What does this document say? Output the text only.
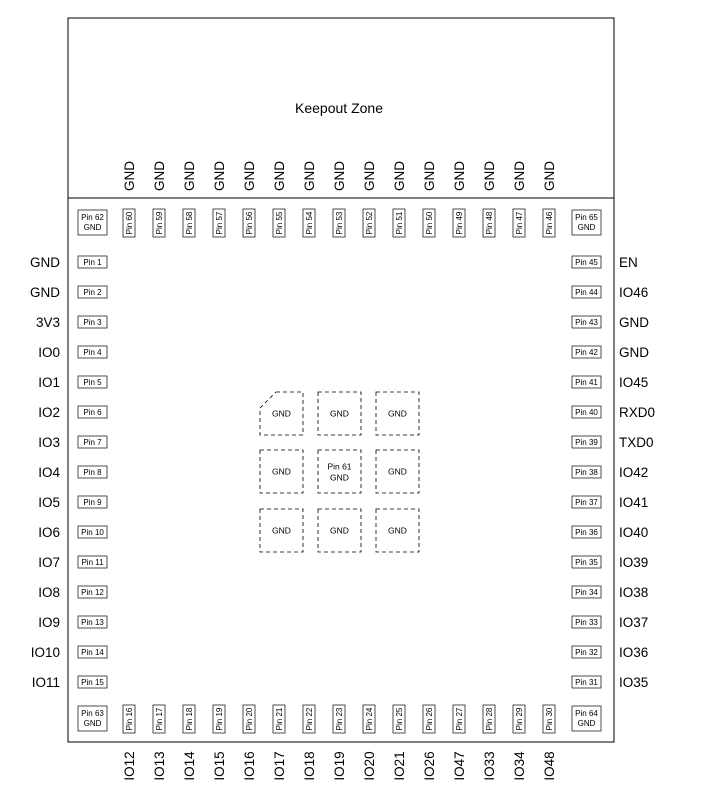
Keepout Zone
Pin 60
GND
Pin 59
GND
Pin 58
GND
Pin 57
GND
Pin 56
GND
Pin 55
GND
Pin 54
GND
Pin 53
GND
Pin 52
GND
Pin 51
GND
Pin 50
GND
Pin 49
GND
Pin 48
GND
Pin 47
GND
Pin 46
GND
Pin 16
IO12
Pin 17
IO13
Pin 18
IO14
Pin 19
IO15
Pin 20
IO16
Pin 21
IO17
Pin 22
IO18
Pin 23
IO19
Pin 24
IO20
Pin 25
IO21
Pin 26
IO26
Pin 27
IO47
Pin 28
IO33
Pin 29
IO34
Pin 30
IO48
Pin 1
GND
Pin 2
GND
Pin 3
3V3
Pin 4
IO0
Pin 5
IO1
Pin 6
IO2
Pin 7
IO3
Pin 8
IO4
Pin 9
IO5
Pin 10
IO6
Pin 11
IO7
Pin 12
IO8
Pin 13
IO9
Pin 14
IO10
Pin 15
IO11
Pin 45 EN
Pin 44 IO46
Pin 43 GND
Pin 42 GND
Pin 41 IO45
Pin 40 RXD0
Pin 39 TXD0
Pin 38 IO42
Pin 37 IO41
Pin 36 IO40
Pin 35 IO39
Pin 34 IO38
Pin 33 IO37
Pin 32 IO36
Pin 31 IO35
Pin 62
GND
Pin 65
GND
Pin 63
GND
Pin 64
GND
GND	GND	GND
GND	Pin 61
GND
GND
GND	GND	GND
